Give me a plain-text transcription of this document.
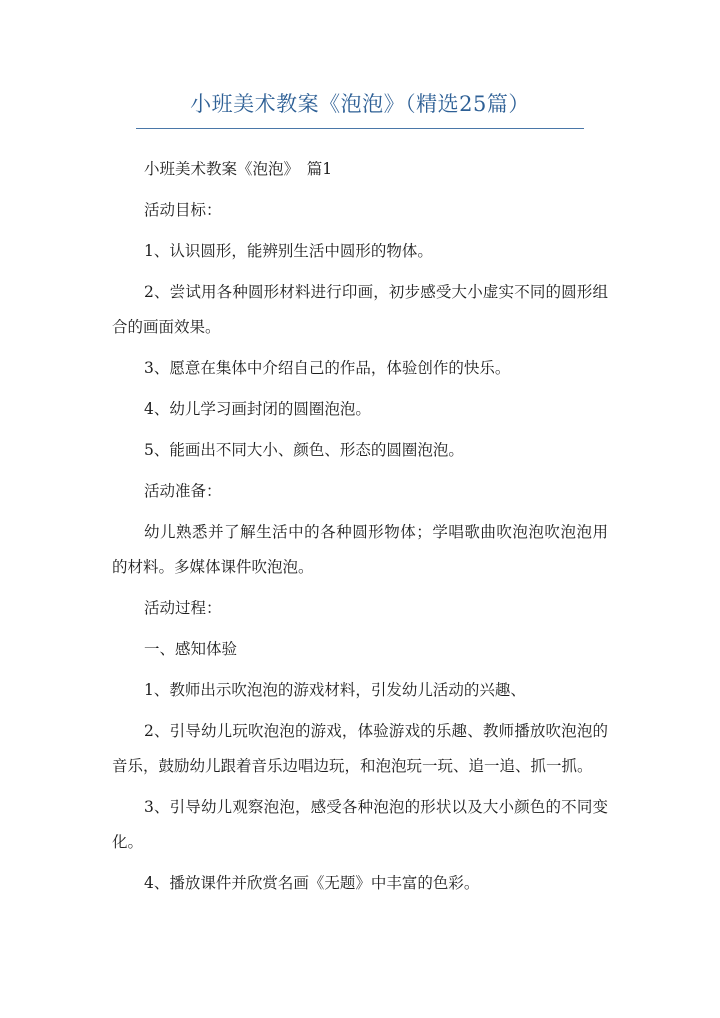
小班美术教案《泡泡》（精选25篇）

小班美术教案《泡泡》　篇1

活动目标：

1、认识圆形，能辨别生活中圆形的物体。

2、尝试用各种圆形材料进行印画，初步感受大小虚实不同的圆形组合的画面效果。

3、愿意在集体中介绍自己的作品，体验创作的快乐。

4、幼儿学习画封闭的圆圈泡泡。

5、能画出不同大小、颜色、形态的圆圈泡泡。

活动准备：

幼儿熟悉并了解生活中的各种圆形物体；学唱歌曲吹泡泡吹泡泡用的材料。多媒体课件吹泡泡。

活动过程：

一、感知体验

1、教师出示吹泡泡的游戏材料，引发幼儿活动的兴趣、

2、引导幼儿玩吹泡泡的游戏，体验游戏的乐趣、教师播放吹泡泡的音乐，鼓励幼儿跟着音乐边唱边玩，和泡泡玩一玩、追一追、抓一抓。

3、引导幼儿观察泡泡，感受各种泡泡的形状以及大小颜色的不同变化。

4、播放课件并欣赏名画《无题》中丰富的色彩。
